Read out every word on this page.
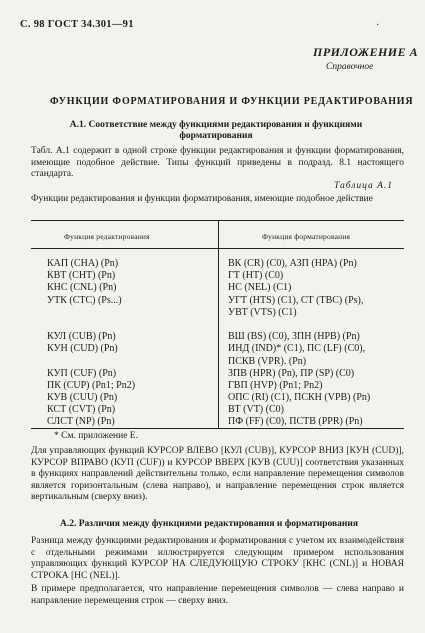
С. 98 ГОСТ 34.301—91	·
ПРИЛОЖЕНИЕ А
Справочное
ФУНКЦИИ ФОРМАТИРОВАНИЯ И ФУНКЦИИ РЕДАКТИРОВАНИЯ
А.1. Соответствие между функциями редактирования и функциями форматирования
Табл. А.1 содержит в одной строке функции редактирования и функции форматирования, имеющие подобное действие. Типы функций приведены в подразд. 8.1 настоящего стандарта.
Таблица А.1
Функции редактирования и функции форматирования, имеющие подобное действие
Функция редактирования	Функция форматирования
КАП (CHA) (Pn)
КВТ (CHT) (Pn)
КНС (CNL) (Pn)
УТК (CTC) (Ps...)
КУЛ (CUB) (Pn)
КУН (CUD) (Pn)
КУП (CUF) (Pn)
ПК (CUP) (Pn1; Pn2)
КУВ (CUU) (Pn)
КСТ (CVT) (Pn)
СЛСТ (NP) (Pn)
ВК (CR) (C0), АЗП (HPA) (Pn)
ГТ (HT) (C0)
НС (NEL) (C1)
УГТ (HTS) (C1), СТ (TBC) (Ps),
УВТ (VTS) (C1)
ВШ (BS) (C0), ЗПН (HPB) (Pn)
ИНД (IND)* (C1), ПС (LF) (C0),
ПСКВ (VPR). (Pn)
ЗПВ (HPR) (Pn), ПР (SP) (C0)
ГВП (HVP) (Pn1; Pn2)
ОПС (RI) (C1), ПСКН (VPB) (Pn)
ВТ (VT) (C0)
ПФ (FF) (C0), ПСТВ (PPR) (Pn)
* См. приложение Е.
Для управляющих функций КУРСОР ВЛЕВО [КУЛ (CUB)], КУРСОР ВНИЗ [КУН (CUD)], КУРСОР ВПРАВО (КУП (CUF)) и КУРСОР ВВЕРХ [КУВ (CUU)] соответствия указанных в функциях направлений действительны только, если направление перемещения символов является горизонтальным (слева направо), и направление перемещения строк является вертикальным (сверху вниз).
А.2. Различия между функциями редактирования и форматирования
Разница между функциями редактирования и форматирования с учетом их взаимодействия с отдельными режимами иллюстрируется следующим примером использования управляющих функций КУРСОР НА СЛЕДУЮЩУЮ СТРОКУ [КНС (CNL)] и НОВАЯ СТРОКА [НС (NEL)].
В примере предполагается, что направление перемещения символов — слева направо и направление перемещения строк — сверху вниз.
